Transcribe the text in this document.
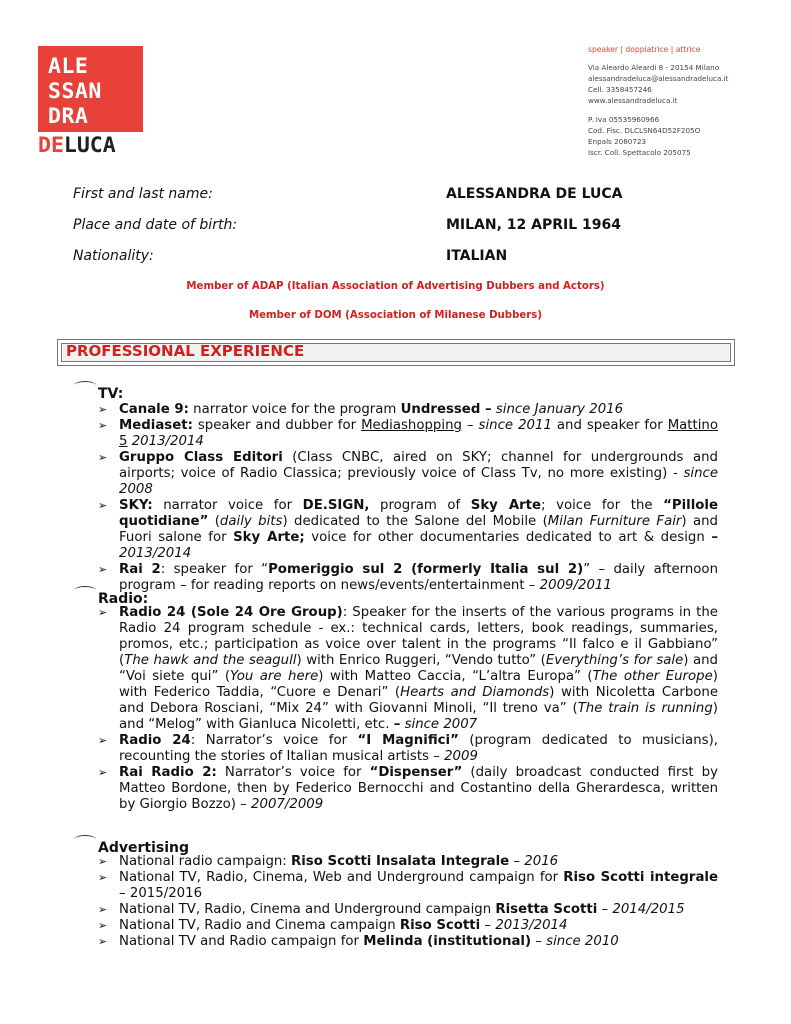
ALE
SSAN
DRA
DELUCA
speaker | doppiatrice | attrice
Via Aleardo Aleardi 8 - 20154 Milano
alessandradeluca@alessandradeluca.it
Cell. 3358457246
www.alessandradeluca.it
P. Iva 05535960966
Cod. Fisc. DLCLSN64D52F205O
Enpals 2080723
Iscr. Coll. Spettacolo 205075
First and last name:	ALESSANDRA DE LUCA
Place and date of birth:	MILAN, 12 APRIL 1964
Nationality:	ITALIAN
Member of ADAP (Italian Association of Advertising Dubbers and Actors)
Member of DOM (Association of Milanese Dubbers)
PROFESSIONAL EXPERIENCE
TV:
➢ Canale 9: narrator voice for the program Undressed – since January 2016
➢ Mediaset: speaker and dubber for Mediashopping – since 2011 and speaker for Mattino 5 2013/2014
➢ Gruppo Class Editori (Class CNBC, aired on SKY; channel for undergrounds and airports; voice of Radio Classica; previously voice of Class Tv, no more existing) - since 2008
➢ SKY: narrator voice for DE.SIGN, program of Sky Arte; voice for the “Pillole quotidiane” (daily bits) dedicated to the Salone del Mobile (Milan Furniture Fair) and Fuori salone for Sky Arte; voice for other documentaries dedicated to art & design – 2013/2014
➢ Rai 2: speaker for “Pomeriggio sul 2 (formerly Italia sul 2)” – daily afternoon program – for reading reports on news/events/entertainment – 2009/2011
Radio:
➢ Radio 24 (Sole 24 Ore Group): Speaker for the inserts of the various programs in the Radio 24 program schedule - ex.: technical cards, letters, book readings, summaries, promos, etc.; participation as voice over talent in the programs “Il falco e il Gabbiano” (The hawk and the seagull) with Enrico Ruggeri, “Vendo tutto” (Everything’s for sale) and “Voi siete qui” (You are here) with Matteo Caccia, “L’altra Europa” (The other Europe) with Federico Taddia, “Cuore e Denari” (Hearts and Diamonds) with Nicoletta Carbone and Debora Rosciani, “Mix 24” with Giovanni Minoli, “Il treno va” (The train is running) and “Melog” with Gianluca Nicoletti, etc. – since 2007
➢ Radio 24: Narrator’s voice for “I Magnifici” (program dedicated to musicians), recounting the stories of Italian musical artists – 2009
➢ Rai Radio 2: Narrator’s voice for “Dispenser” (daily broadcast conducted first by Matteo Bordone, then by Federico Bernocchi and Costantino della Gherardesca, written by Giorgio Bozzo) – 2007/2009
Advertising
➢ National radio campaign: Riso Scotti Insalata Integrale – 2016
➢ National TV, Radio, Cinema, Web and Underground campaign for Riso Scotti integrale – 2015/2016
➢ National TV, Radio, Cinema and Underground campaign Risetta Scotti – 2014/2015
➢ National TV, Radio and Cinema campaign Riso Scotti – 2013/2014
➢ National TV and Radio campaign for Melinda (institutional) – since 2010
